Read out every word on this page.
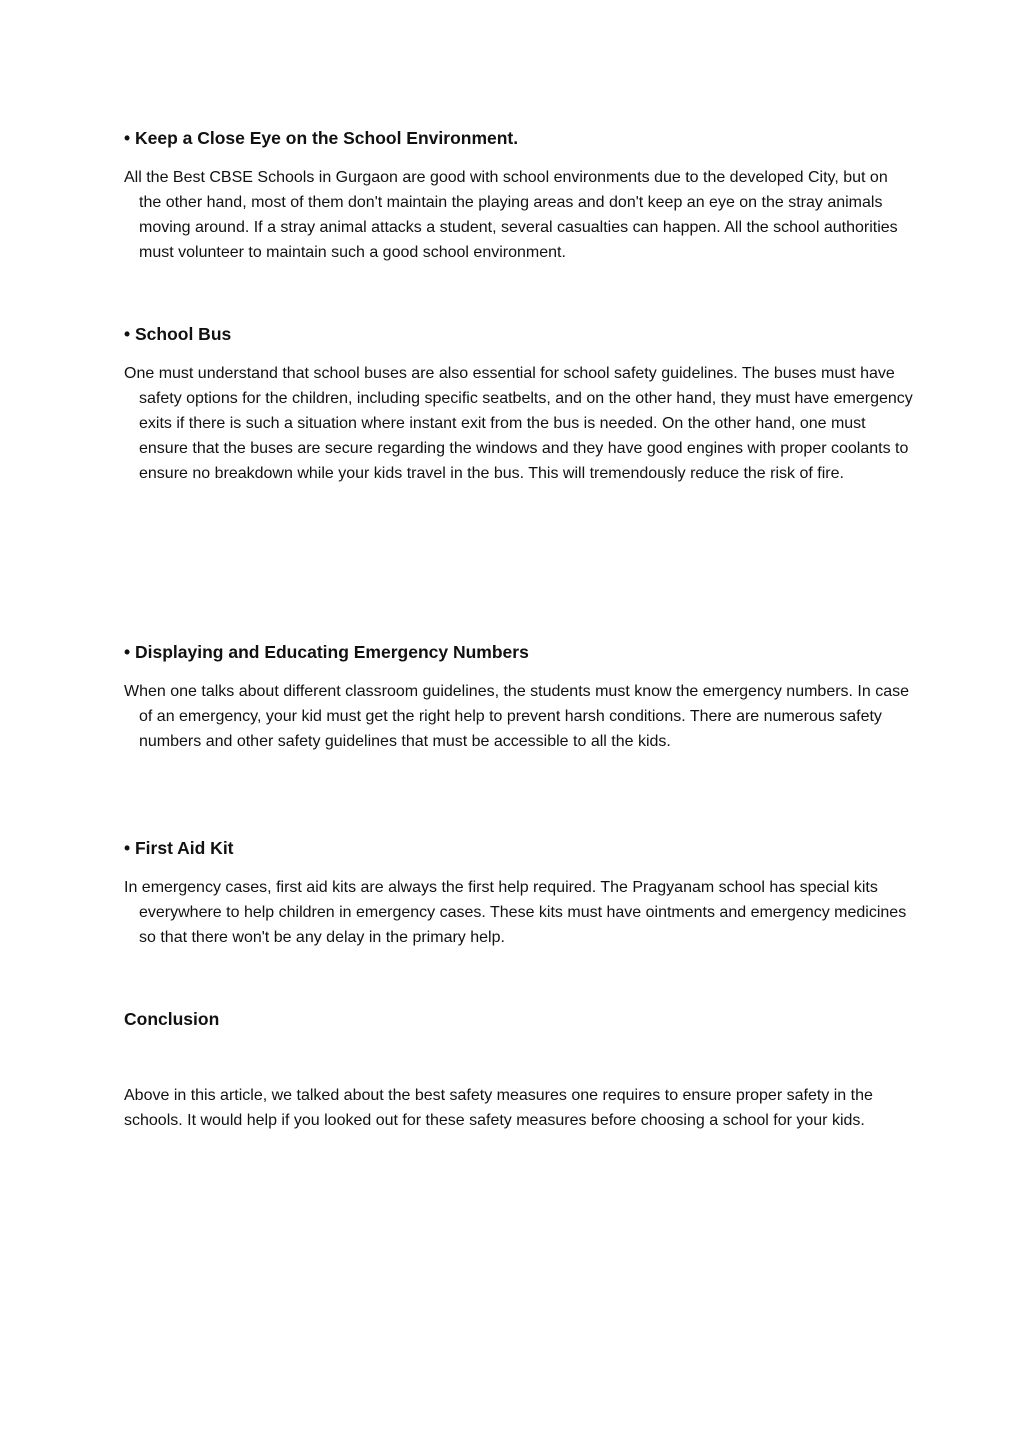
• Keep a Close Eye on the School Environment.

All the Best CBSE Schools in Gurgaon are good with school environments due to the developed City, but on the other hand, most of them don't maintain the playing areas and don't keep an eye on the stray animals moving around. If a stray animal attacks a student, several casualties can happen. All the school authorities must volunteer to maintain such a good school environment.

• School Bus

One must understand that school buses are also essential for school safety guidelines. The buses must have safety options for the children, including specific seatbelts, and on the other hand, they must have emergency exits if there is such a situation where instant exit from the bus is needed. On the other hand, one must ensure that the buses are secure regarding the windows and they have good engines with proper coolants to ensure no breakdown while your kids travel in the bus. This will tremendously reduce the risk of fire.

• Displaying and Educating Emergency Numbers

When one talks about different classroom guidelines, the students must know the emergency numbers. In case of an emergency, your kid must get the right help to prevent harsh conditions. There are numerous safety numbers and other safety guidelines that must be accessible to all the kids.

• First Aid Kit

In emergency cases, first aid kits are always the first help required. The Pragyanam school has special kits everywhere to help children in emergency cases. These kits must have ointments and emergency medicines so that there won't be any delay in the primary help.

Conclusion

Above in this article, we talked about the best safety measures one requires to ensure proper safety in the schools. It would help if you looked out for these safety measures before choosing a school for your kids.
